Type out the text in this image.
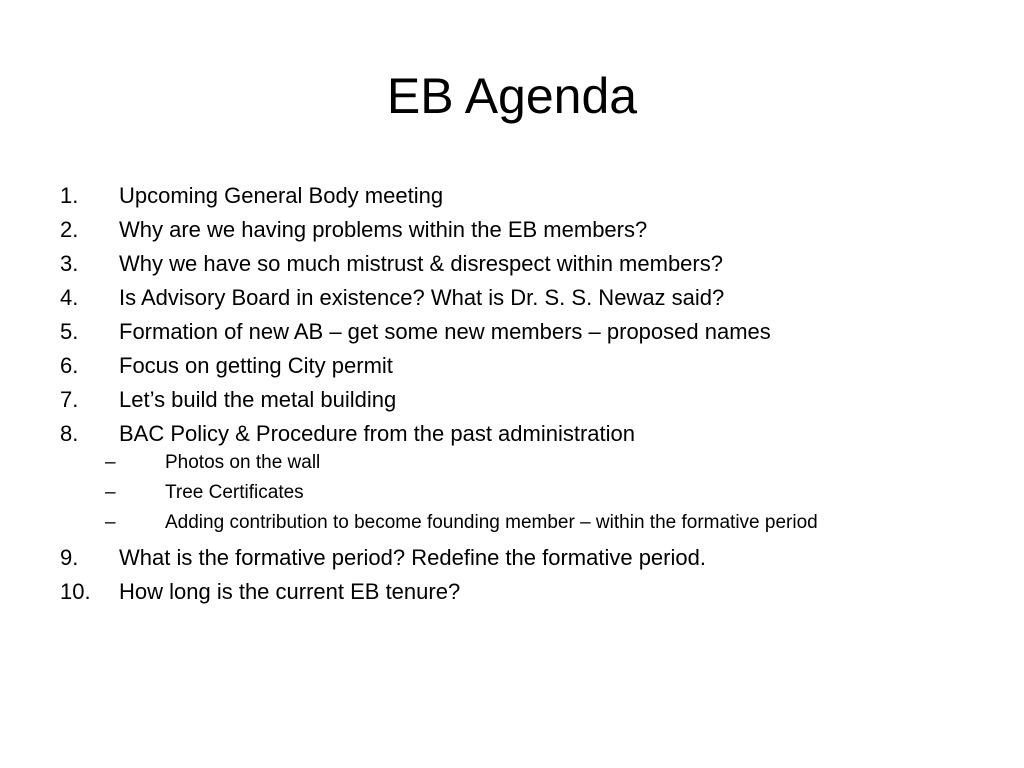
EB Agenda
1.	Upcoming General Body meeting
2.	Why are we having problems within the EB members?
3.	Why we have so much mistrust & disrespect within members?
4.	Is Advisory Board in existence? What is Dr. S. S. Newaz said?
5.	Formation of new AB – get some new members – proposed names
6.	Focus on getting City permit
7.	Let’s build the metal building
8.	BAC Policy & Procedure from the past administration
–	Photos on the wall
–	Tree Certificates
–	Adding contribution to become founding member – within the formative period
9.	What is the formative period? Redefine the formative period.
10.	How long is the current EB tenure?
